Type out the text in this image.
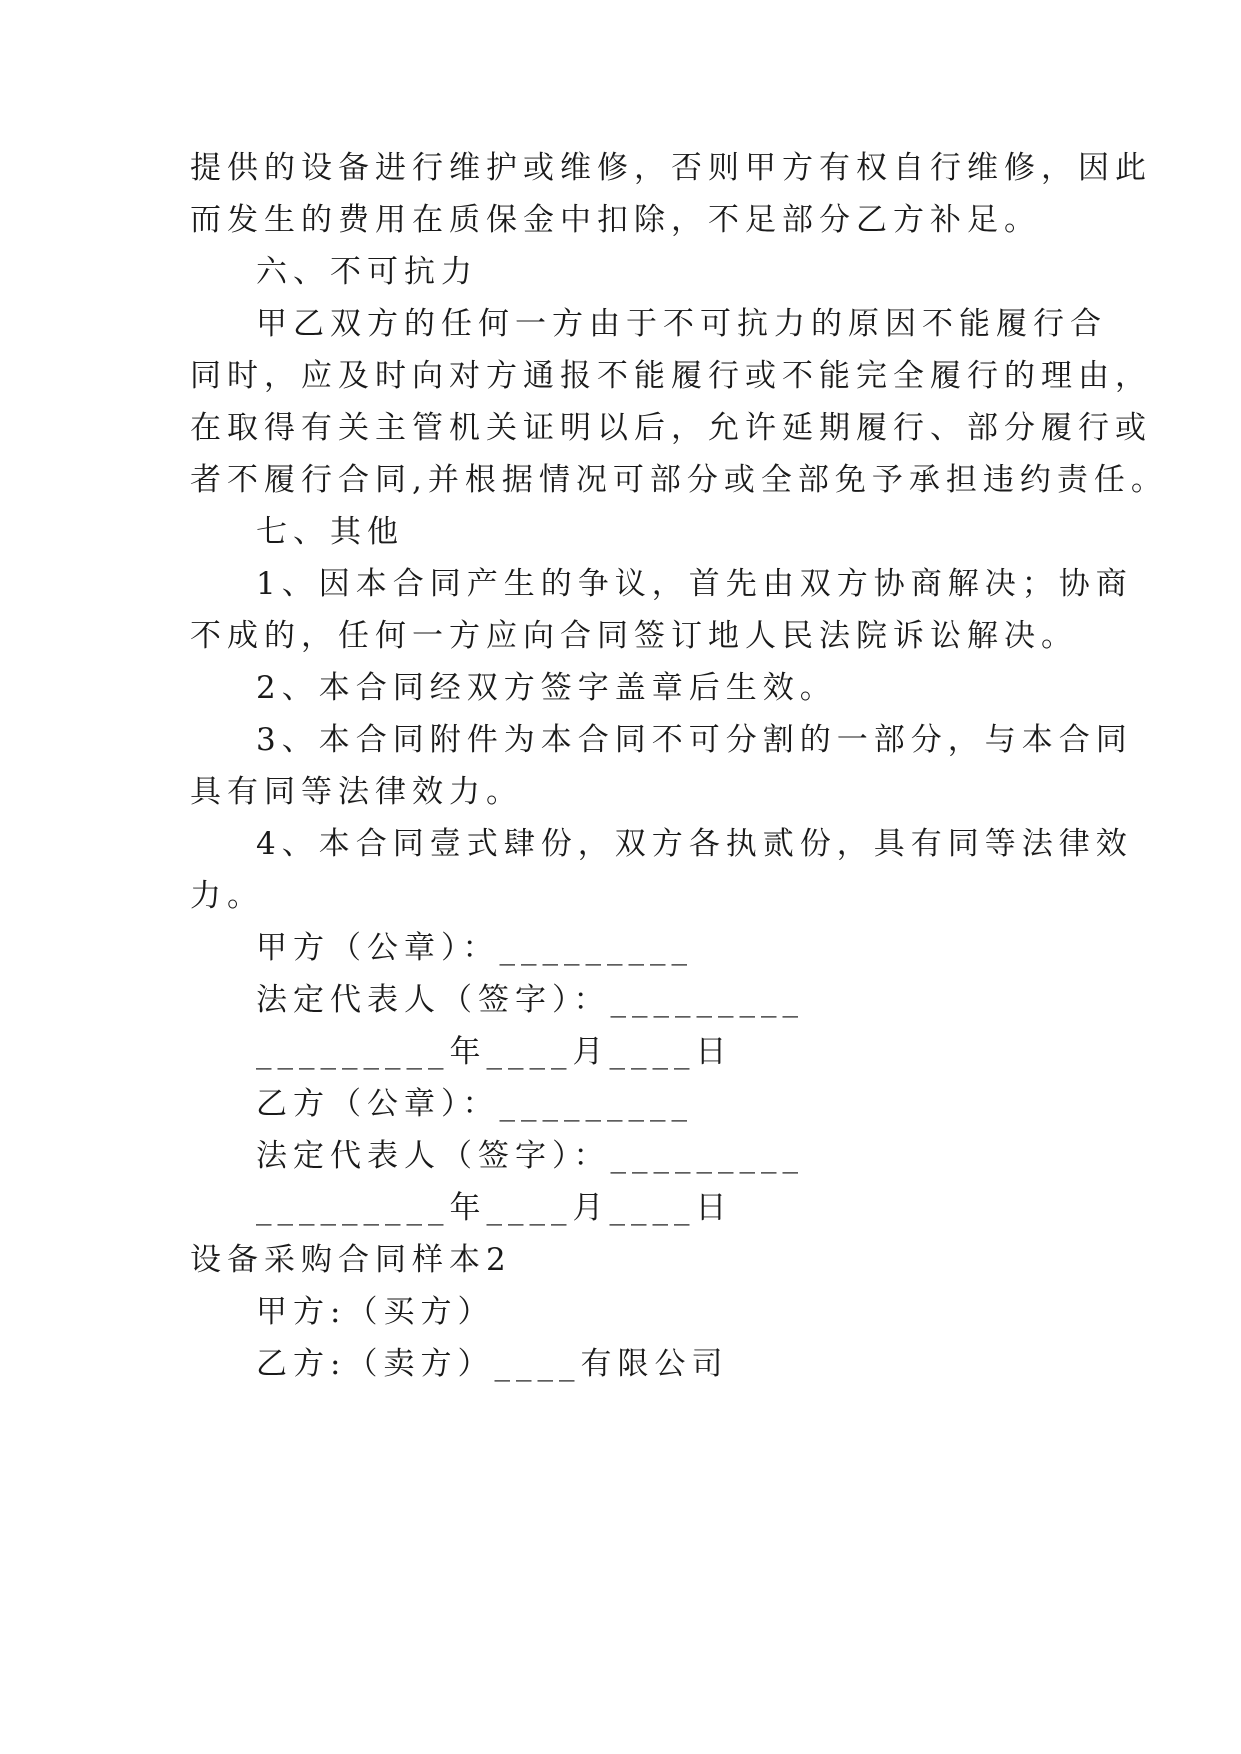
提供的设备进行维护或维修，否则甲方有权自行维修，因此
而发生的费用在质保金中扣除，不足部分乙方补足。
六、不可抗力
甲乙双方的任何一方由于不可抗力的原因不能履行合
同时，应及时向对方通报不能履行或不能完全履行的理由，
在取得有关主管机关证明以后，允许延期履行、部分履行或
者不履行合同,并根据情况可部分或全部免予承担违约责任。
七、其他
1、因本合同产生的争议，首先由双方协商解决；协商
不成的，任何一方应向合同签订地人民法院诉讼解决。
2、本合同经双方签字盖章后生效。
3、本合同附件为本合同不可分割的一部分，与本合同
具有同等法律效力。
4、本合同壹式肆份，双方各执贰份，具有同等法律效
力。
甲方（公章）：_________
法定代表人（签字）：_________
_________年____月____日
乙方（公章）：_________
法定代表人（签字）：_________
_________年____月____日
设备采购合同样本2
甲方:（买方）
乙方:（卖方）____有限公司
